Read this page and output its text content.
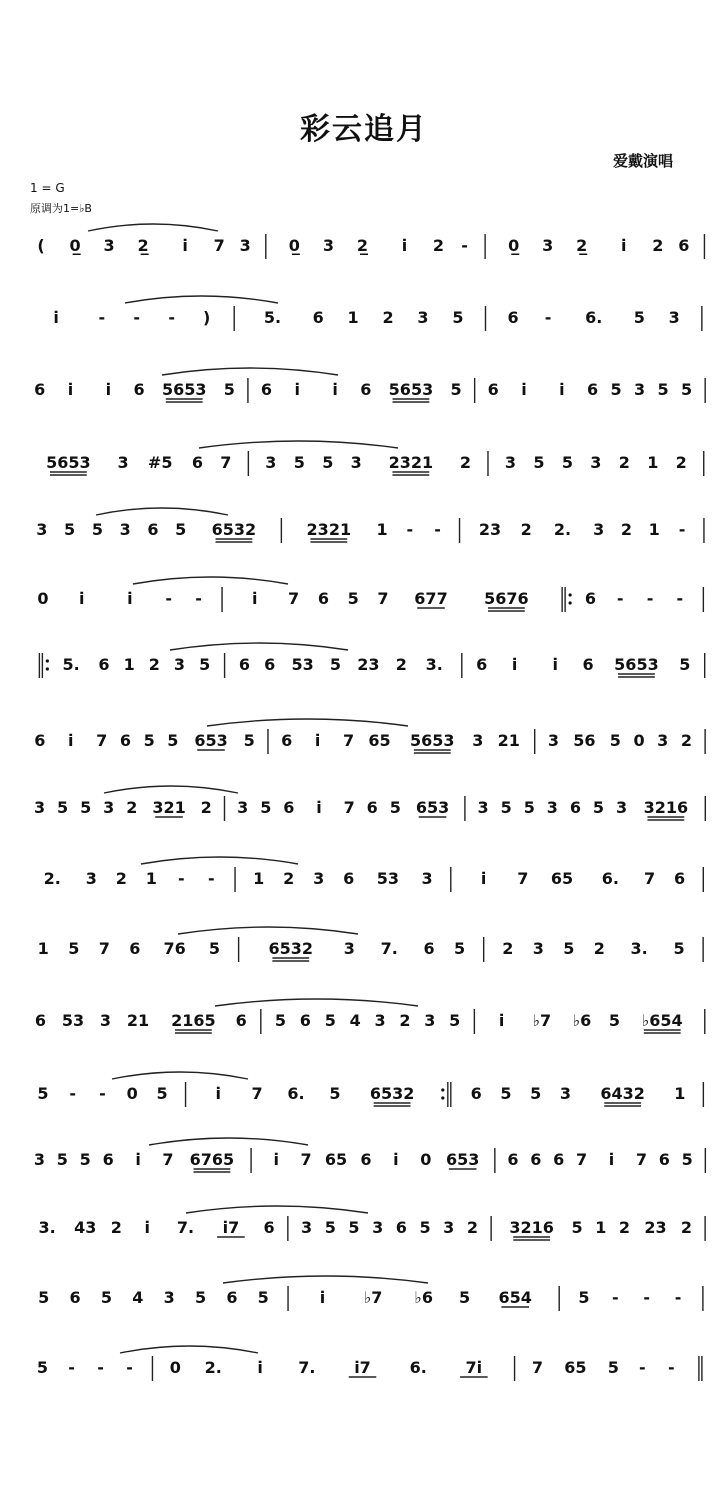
彩云追月
爱戴演唱
1 = G
原调为1=♭B
( 0̲ 3 2̲ i̇ 7 3 0̲ 3 2̲ i̇ 2 -	0̲ 3 2̲ i̇ 2 6
i̇ - - - )	5. 6 1 2 3 5	6 - 6. 5 3
6 i̇ i̇ 6 5653 5 6 i̇ i̇ 6 5653 5 6 i̇ i̇ 6 5 3 5 5
5653 3 #5 6 7 3 5 5 3 2321 2 3 5 5 3 2 1 2
3 5 5 3 6 5 6532	2321 1 - - 23 2 2. 3 2 1 -
0 i̇	i̇ - -	i̇ 7 6 5 7 677 5676	6 - - -
5. 6 1 2 3 5 6 6 53 5 23 2 3. 6 i̇ i̇ 6 5653 5
6 i̇ 7 6 5 5 653 5 6 i̇ 7 65 5653 3 21 3 56 5 0 3 2
3 5 5 3 2 321 2 3 5 6 i̇ 7 6 5 653 3 5 5 3 6 5 3 3216
2. 3 2 1 - - 1 2 3 6 53 3	i̇ 7 65 6. 7 6
1 5 7 6 76 5	6532 3 7. 6 5 2 3 5 2 3. 5
6 53 3 21 2165 6 5 6 5 4 3 2 3 5 i̇ ♭7 ♭6 5 ♭654
5 - - 0 5	i̇ 7 6. 5 6532	6 5 5 3 6432 1
3 5 5 6 i̇ 7 6765 i̇ 7 65 6 i̇ 0 653 6 6 6 7 i̇ 7 6 5
3. 43 2 i̇ 7. i̇7 6 3 5 5 3 6 5 3 2 3216 5 1 2 23 2
5 6 5 4 3 5 6 5	i̇ ♭7 ♭6 5 654	5 - - -
5 - - - 0 2. i̇ 7. i̇7 6. 7i̇	7 65 5 - -
